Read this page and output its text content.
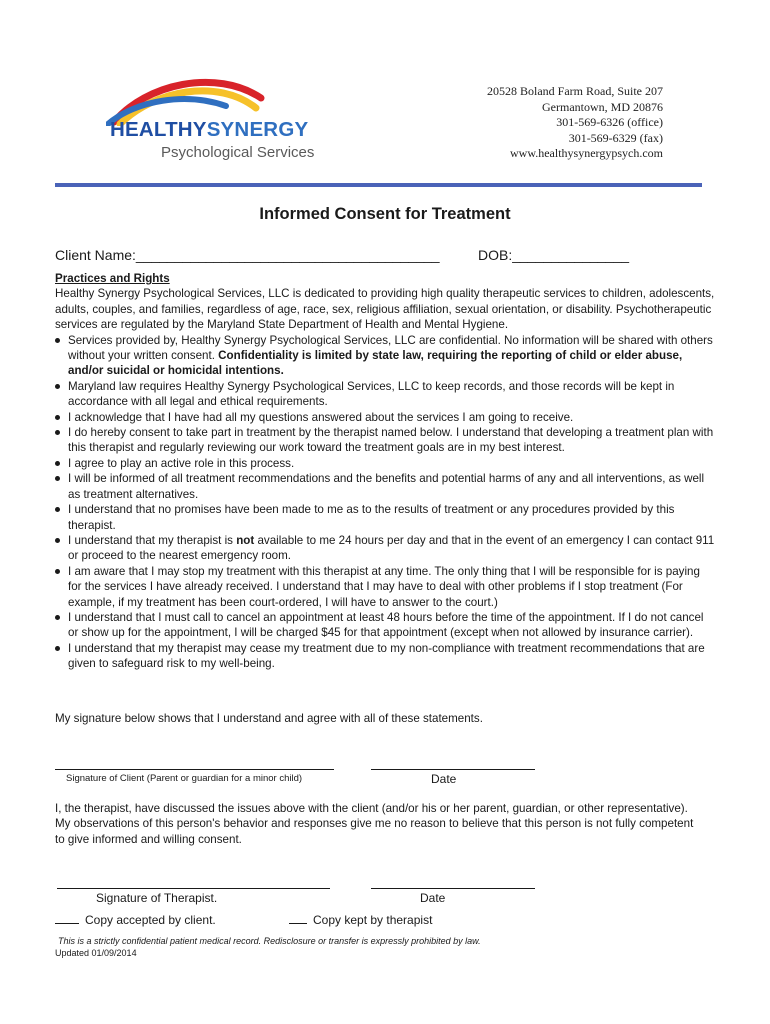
HEALTHYSYNERGY
Psychological Services
20528 Boland Farm Road, Suite 207
Germantown, MD 20876
301-569-6326 (office)
301-569-6329 (fax)
www.healthysynergypsych.com
Informed Consent for Treatment
Client Name:_______________________________________	DOB:_______________
Practices and Rights

Healthy Synergy Psychological Services, LLC is dedicated to providing high quality therapeutic services to children, adolescents, adults, couples, and families, regardless of age, race, sex, religious affiliation, sexual orientation, or disability. Psychotherapeutic services are regulated by the Maryland State Department of Health and Mental Hygiene.

Services provided by, Healthy Synergy Psychological Services, LLC are confidential. No information will be shared with others without your written consent. Confidentiality is limited by state law, requiring the reporting of child or elder abuse, and/or suicidal or homicidal intentions.
Maryland law requires Healthy Synergy Psychological Services, LLC to keep records, and those records will be kept in accordance with all legal and ethical requirements.
I acknowledge that I have had all my questions answered about the services I am going to receive.
I do hereby consent to take part in treatment by the therapist named below. I understand that developing a treatment plan with this therapist and regularly reviewing our work toward the treatment goals are in my best interest.
I agree to play an active role in this process.
I will be informed of all treatment recommendations and the benefits and potential harms of any and all interventions, as well as treatment alternatives.
I understand that no promises have been made to me as to the results of treatment or any procedures provided by this therapist.
I understand that my therapist is not available to me 24 hours per day and that in the event of an emergency I can contact 911 or proceed to the nearest emergency room.
I am aware that I may stop my treatment with this therapist at any time. The only thing that I will be responsible for is paying for the services I have already received. I understand that I may have to deal with other problems if I stop treatment (For example, if my treatment has been court-ordered, I will have to answer to the court.)
I understand that I must call to cancel an appointment at least 48 hours before the time of the appointment. If I do not cancel or show up for the appointment, I will be charged $45 for that appointment (except when not allowed by insurance carrier).
I understand that my therapist may cease my treatment due to my non-compliance with treatment recommendations that are given to safeguard risk to my well-being.
My signature below shows that I understand and agree with all of these statements.
Signature of Client (Parent or guardian for a minor child)	Date
I, the therapist, have discussed the issues above with the client (and/or his or her parent, guardian, or other representative). My observations of this person's behavior and responses give me no reason to believe that this person is not fully competent to give informed and willing consent.
Signature of Therapist.	Date
Copy accepted by client.	Copy kept by therapist
This is a strictly confidential patient medical record. Redisclosure or transfer is expressly prohibited by law.
Updated 01/09/2014
